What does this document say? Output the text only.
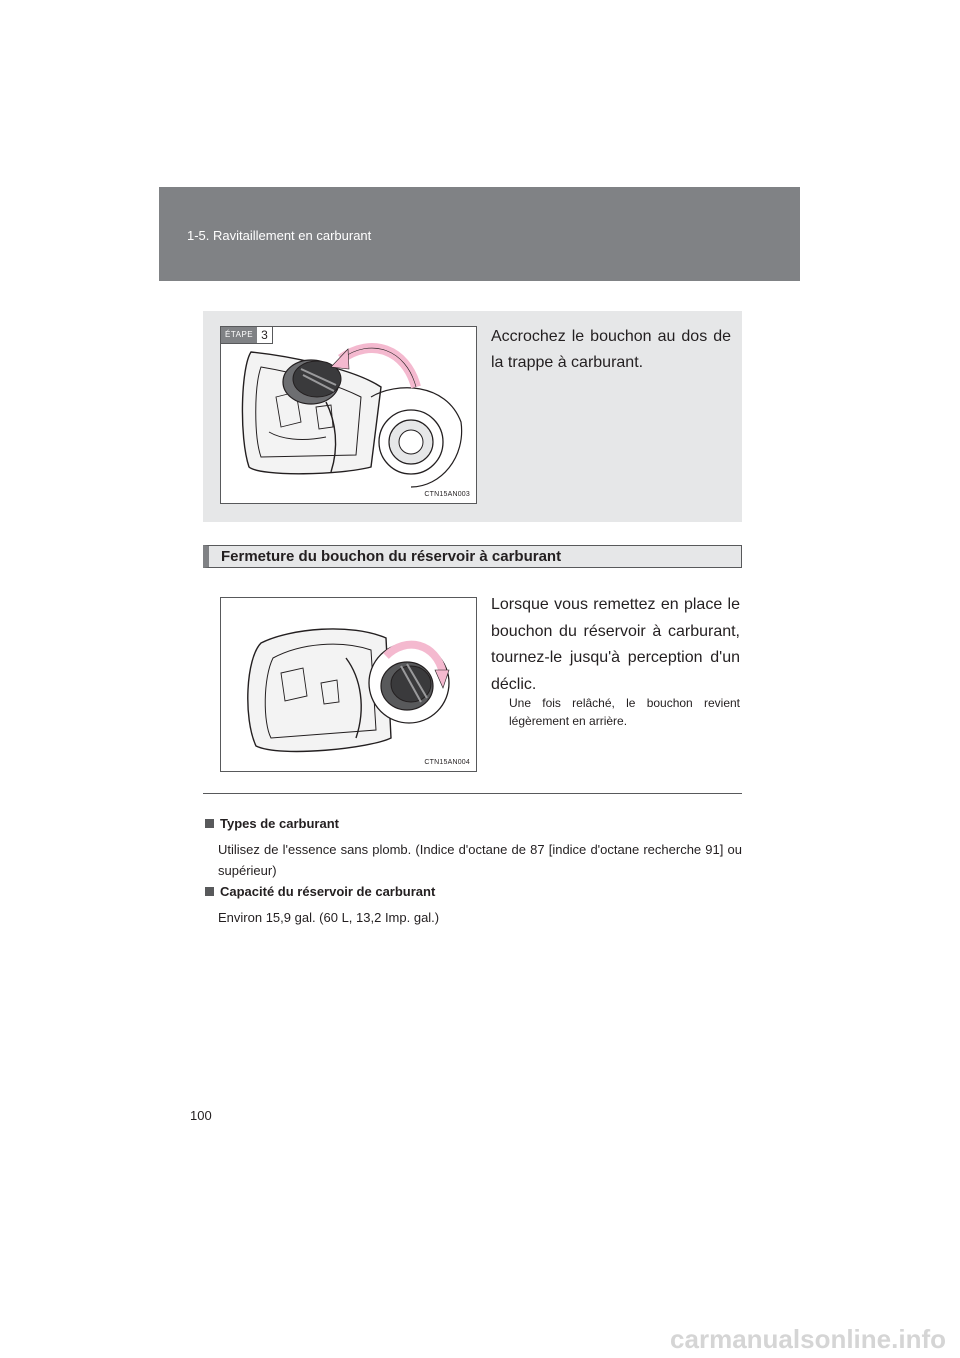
1-5. Ravitaillement en carburant
ÉTAPE 3
CTN15AN003
Accrochez le bouchon au dos de la trappe à carburant.
Fermeture du bouchon du réservoir à carburant
CTN15AN004
Lorsque vous remettez en place le bouchon du réservoir à carburant, tournez-le jusqu'à perception d'un déclic.
Une fois relâché, le bouchon revient légèrement en arrière.
Types de carburant
Utilisez de l'essence sans plomb. (Indice d'octane de 87 [indice d'octane recherche 91] ou supérieur)
Capacité du réservoir de carburant
Environ 15,9 gal. (60 L, 13,2 Imp. gal.)
100
carmanualsonline.info
